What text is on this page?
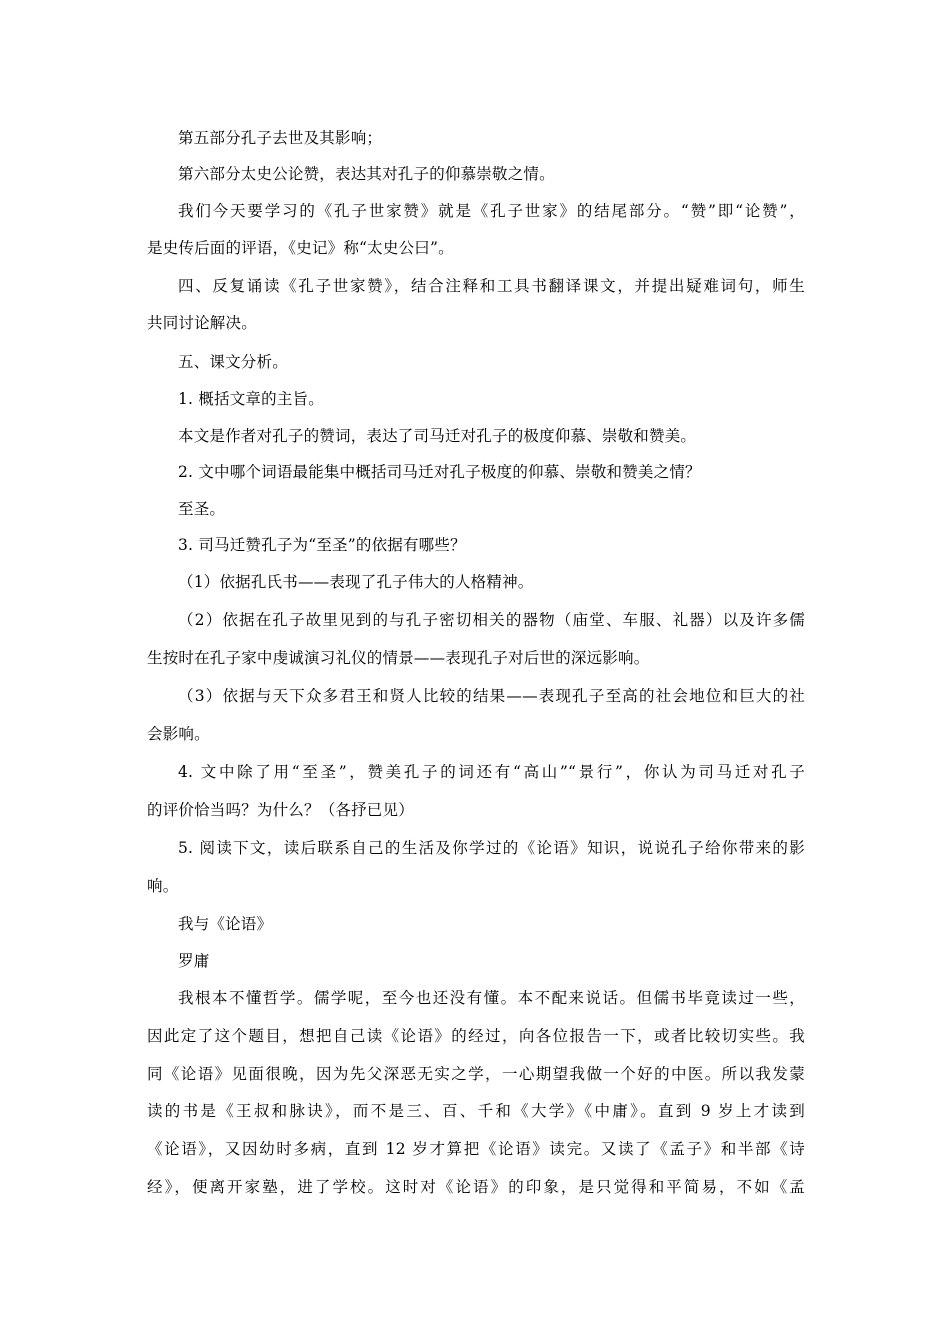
第五部分孔子去世及其影响；
第六部分太史公论赞，表达其对孔子的仰慕崇敬之情。
我们今天要学习的《孔子世家赞》就是《孔子世家》的结尾部分。“赞”即“论赞”，
是史传后面的评语，《史记》称“太史公曰”。
四、反复诵读《孔子世家赞》，结合注释和工具书翻译课文，并提出疑难词句，师生
共同讨论解决。
五、课文分析。
1. 概括文章的主旨。
本文是作者对孔子的赞词，表达了司马迁对孔子的极度仰慕、崇敬和赞美。
2. 文中哪个词语最能集中概括司马迁对孔子极度的仰慕、崇敬和赞美之情？
至圣。
3. 司马迁赞孔子为“至圣”的依据有哪些？
（1）依据孔氏书——表现了孔子伟大的人格精神。
（2）依据在孔子故里见到的与孔子密切相关的器物（庙堂、车服、礼器）以及许多儒
生按时在孔子家中虔诚演习礼仪的情景——表现孔子对后世的深远影响。
（3）依据与天下众多君王和贤人比较的结果——表现孔子至高的社会地位和巨大的社
会影响。
4. 文中除了用“至圣”，赞美孔子的词还有“高山”“景行”，你认为司马迁对孔子
的评价恰当吗？为什么？（各抒已见）
5. 阅读下文，读后联系自己的生活及你学过的《论语》知识，说说孔子给你带来的影
响。
我与《论语》
罗庸
我根本不懂哲学。儒学呢，至今也还没有懂。本不配来说话。但儒书毕竟读过一些，
因此定了这个题目，想把自己读《论语》的经过，向各位报告一下，或者比较切实些。我
同《论语》见面很晚，因为先父深恶无实之学，一心期望我做一个好的中医。所以我发蒙
读的书是《王叔和脉诀》，而不是三、百、千和《大学》《中庸》。直到 9 岁上才读到
《论语》，又因幼时多病，直到 12 岁才算把《论语》读完。又读了《孟子》和半部《诗
经》，便离开家塾，进了学校。这时对《论语》的印象，是只觉得和平简易，不如《孟
